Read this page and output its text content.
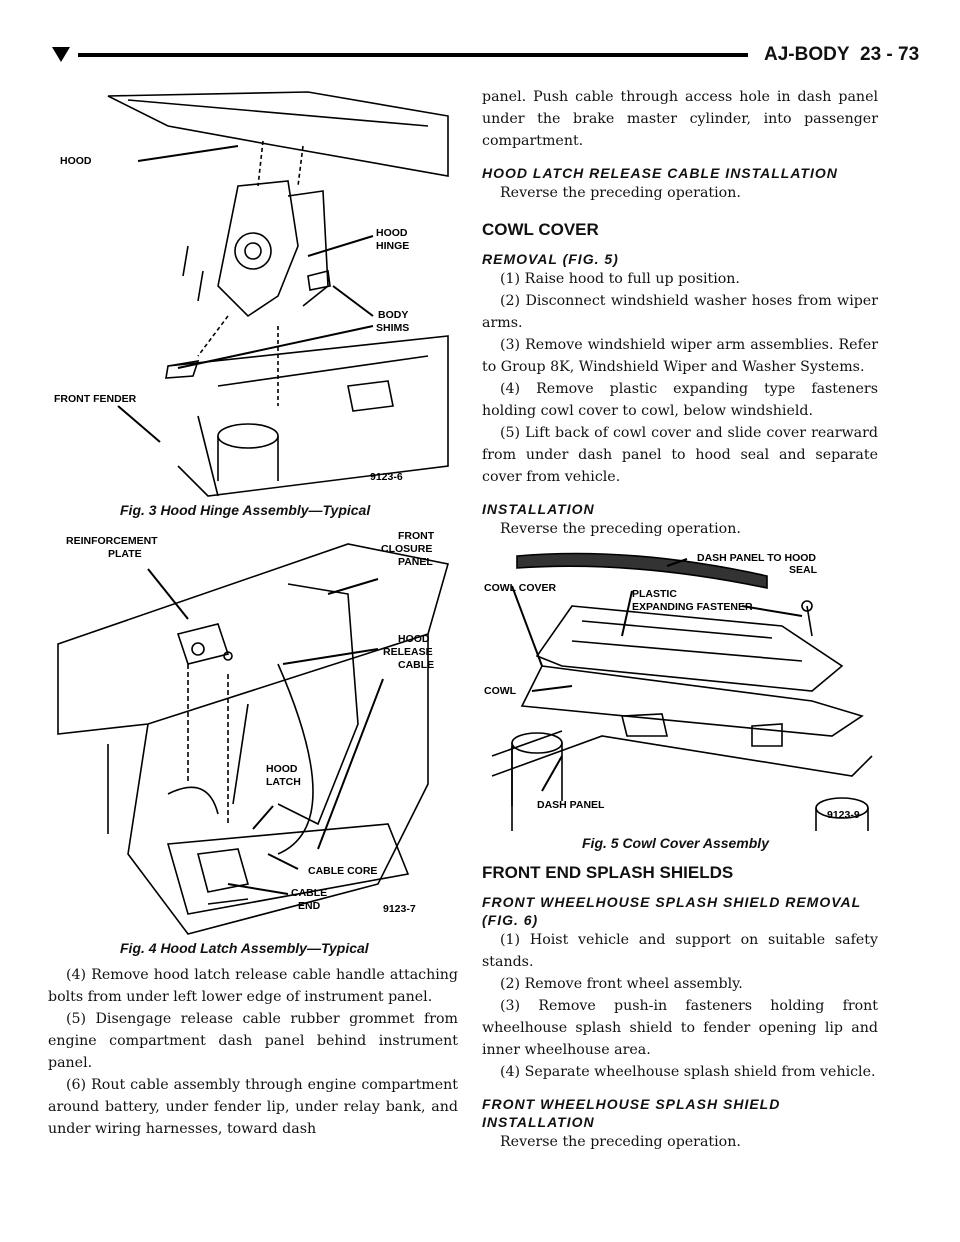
AJ-BODY 23 - 73
HOOD
HOOD
HINGE
BODY
SHIMS
FRONT FENDER
9123-6
Fig. 3 Hood Hinge Assembly—Typical
REINFORCEMENT
PLATE
FRONT
CLOSURE
PANEL
HOOD
RELEASE
CABLE
HOOD
LATCH
CABLE CORE
CABLE
END	9123-7
Fig. 4 Hood Latch Assembly—Typical

(4) Remove hood latch release cable handle attaching bolts from under left lower edge of instrument panel.

(5) Disengage release cable rubber grommet from engine compartment dash panel behind instrument panel.

(6) Rout cable assembly through engine compartment around battery, under fender lip, under relay bank, and under wiring harnesses, toward dash

panel. Push cable through access hole in dash panel under the brake master cylinder, into passenger compartment.

HOOD LATCH RELEASE CABLE INSTALLATION

Reverse the preceding operation.

COWL COVER
REMOVAL (FIG. 5)

(1) Raise hood to full up position.

(2) Disconnect windshield washer hoses from wiper arms.

(3) Remove windshield wiper arm assemblies. Refer to Group 8K, Windshield Wiper and Washer Systems.

(4) Remove plastic expanding type fasteners holding cowl cover to cowl, below windshield.

(5) Lift back of cowl cover and slide cover rearward from under dash panel to hood seal and separate cover from vehicle.

INSTALLATION

Reverse the preceding operation.

DASH PANEL TO HOOD
SEAL
COWL COVER	PLASTIC
EXPANDING FASTENER
COWL
DASH PANEL
9123-9
Fig. 5 Cowl Cover Assembly
FRONT END SPLASH SHIELDS
FRONT WHEELHOUSE SPLASH SHIELD REMOVAL (FIG. 6)

(1) Hoist vehicle and support on suitable safety stands.

(2) Remove front wheel assembly.

(3) Remove push-in fasteners holding front wheelhouse splash shield to fender opening lip and inner wheelhouse area.

(4) Separate wheelhouse splash shield from vehicle.

FRONT WHEELHOUSE SPLASH SHIELD INSTALLATION

Reverse the preceding operation.
